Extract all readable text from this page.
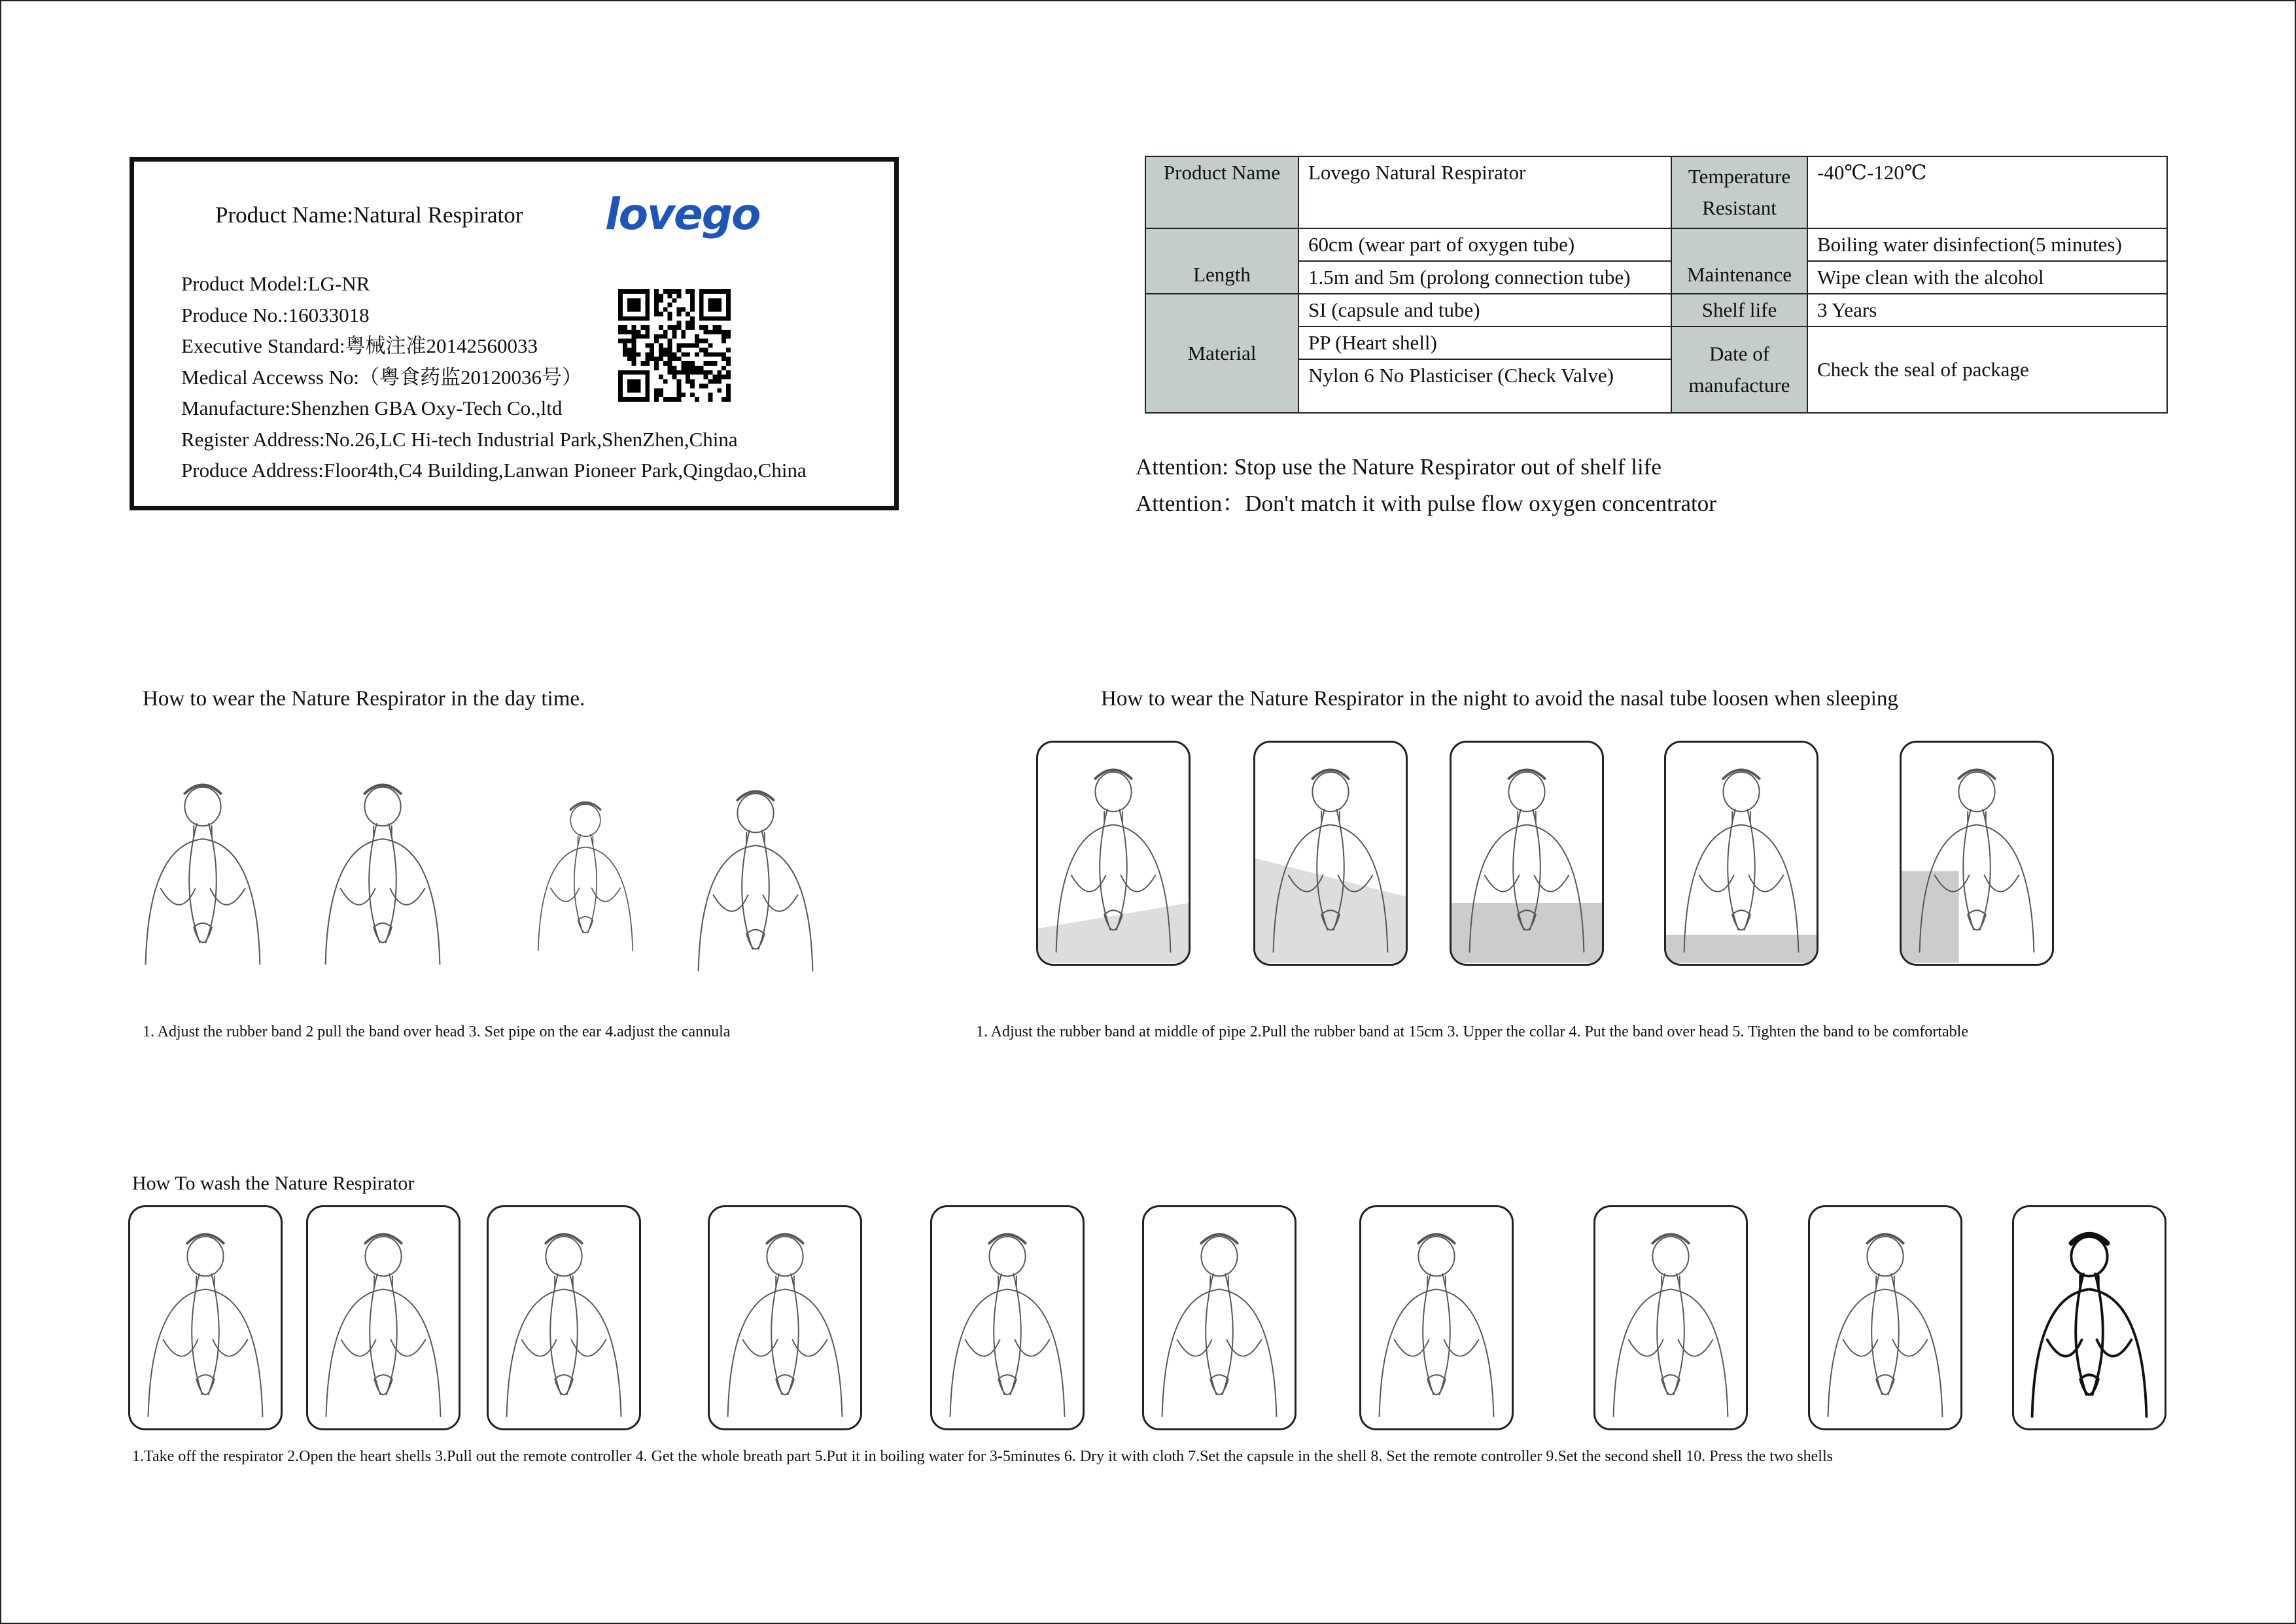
Product Name:Natural Respirator lovego
Product Model:LG-NR
Produce No.:16033018
Executive Standard:粤械注准20142560033
Medical Accewss No:（粤食药监20120036号）
Manufacture:Shenzhen GBA Oxy-Tech Co.,ltd
Register Address:No.26,LC Hi-tech Industrial Park,ShenZhen,China
Produce Address:Floor4th,C4 Building,Lanwan Pioneer Park,Qingdao,China
Product Name	Lovego Natural Respirator	Temperature Resistant	-40℃-120℃
Length	60cm (wear part of oxygen tube)	Maintenance	Boiling water disinfection(5 minutes)
	1.5m and 5m (prolong connection tube)		Wipe clean with the alcohol
Material	SI (capsule and tube)	Shelf life	3 Years
	PP (Heart shell)	Date of manufacture	Check the seal of package
	Nylon 6 No Plasticiser (Check Valve)		
Attention: Stop use the Nature Respirator out of shelf life
Attention：Don't match it with pulse flow oxygen concentrator
How to wear the Nature Respirator in the day time.
1. Adjust the rubber band 2 pull the band over head 3. Set pipe on the ear 4.adjust the cannula
How to wear the Nature Respirator in the night to avoid the nasal tube loosen when sleeping
1. Adjust the rubber band at middle of pipe 2.Pull the rubber band at 15cm 3. Upper the collar 4. Put the band over head 5. Tighten the band to be comfortable
How To wash the Nature Respirator
1.Take off the respirator 2.Open the heart shells 3.Pull out the remote controller 4. Get the whole breath part 5.Put it in boiling water for 3-5minutes 6. Dry it with cloth 7.Set the capsule in the shell 8. Set the remote controller 9.Set the second shell 10. Press the two shells
